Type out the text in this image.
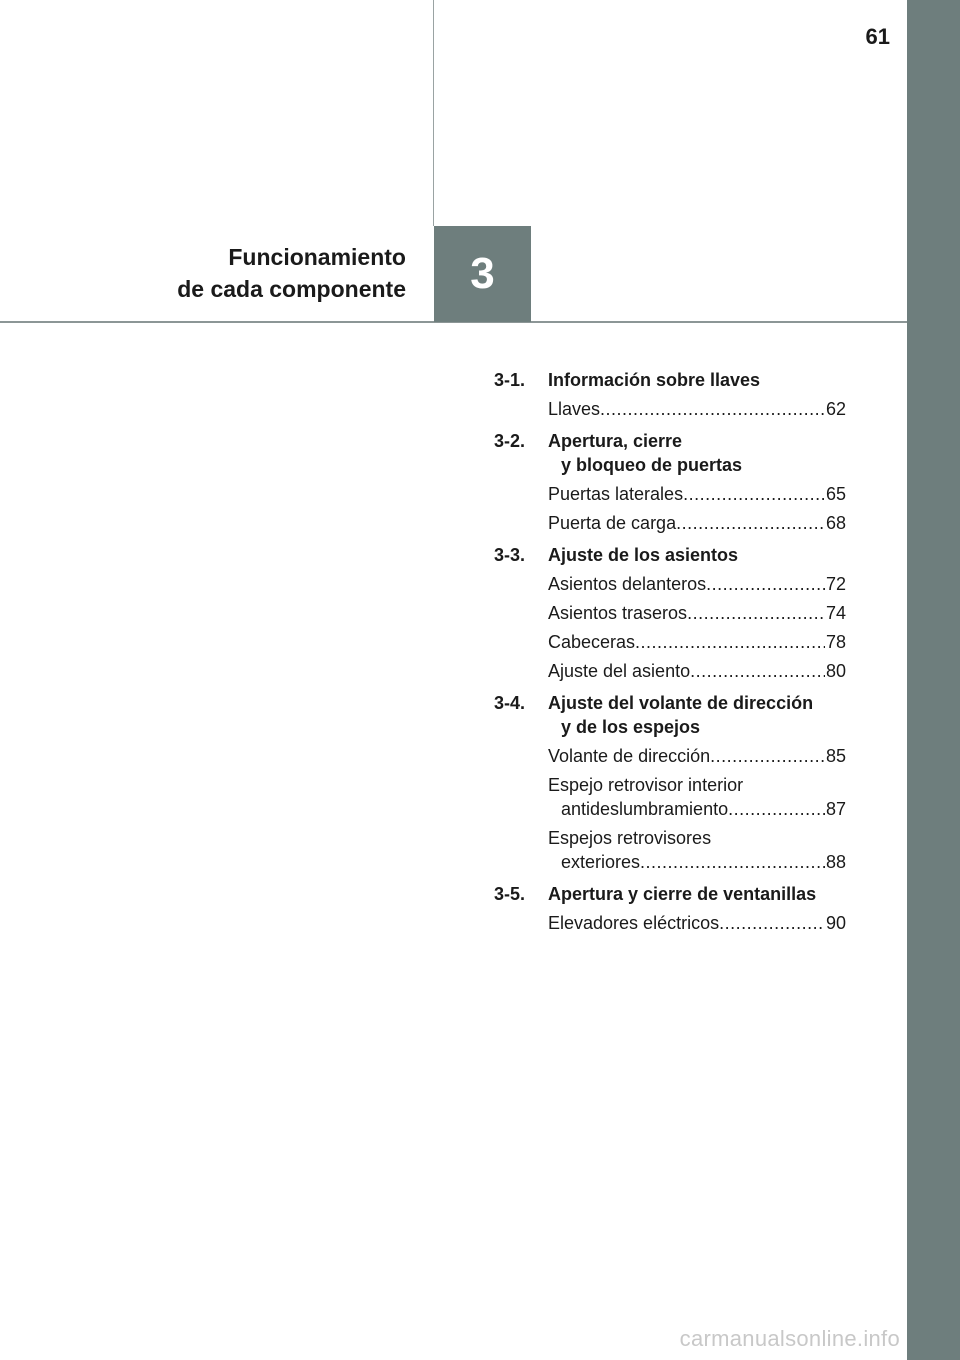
61
3
Funcionamiento
de cada componente
3-1. Información sobre llaves
Llaves .....	62
3-2. Apertura, cierre
y bloqueo de puertas
Puertas laterales .....	65
Puerta de carga .....	68
3-3. Ajuste de los asientos
Asientos delanteros .....	72
Asientos traseros .....	74
Cabeceras .....	78
Ajuste del asiento .....	80
3-4. Ajuste del volante de dirección
y de los espejos
Volante de dirección .....	85
Espejo retrovisor interior
antideslumbramiento .....	87
Espejos retrovisores
exteriores .....	88
3-5. Apertura y cierre de ventanillas
Elevadores eléctricos .....	90
carmanualsonline.info
